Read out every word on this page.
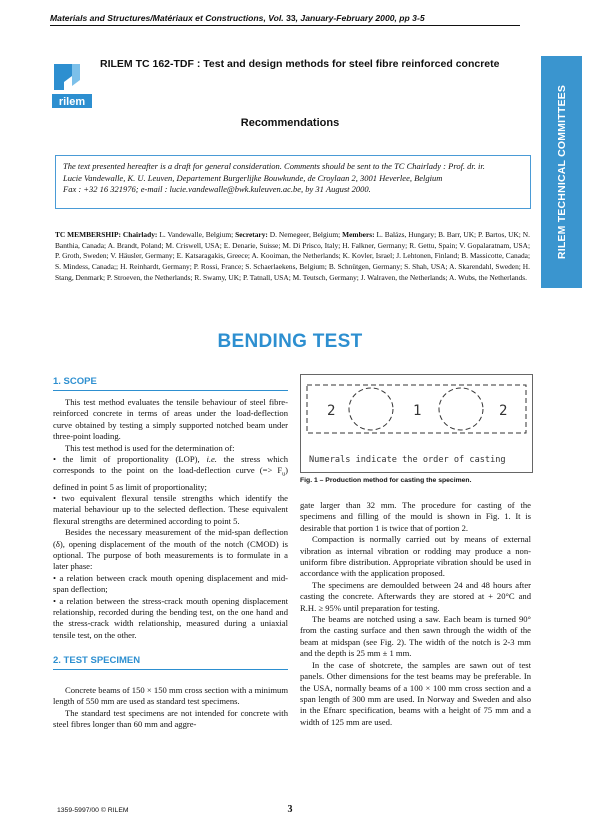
Materials and Structures/Matériaux et Constructions, Vol. 33, January-February 2000, pp 3-5
rilem
RILEM TC 162-TDF : Test and design methods for steel fibre reinforced concrete
RILEM TECHNICAL COMMITTEES
Recommendations
The text presented hereafter is a draft for general consideration. Comments should be sent to the TC Chairlady : Prof. dr. ir.
Lucie Vandewalle, K. U. Leuven, Departement Burgerlijke Bouwkunde, de Croylaan 2, 3001 Heverlee, Belgium
Fax : +32 16 321976; e-mail : lucie.vandewalle@bwk.kuleuven.ac.be, by 31 August 2000.
TC MEMBERSHIP: Chairlady: L. Vandewalle, Belgium; Secretary: D. Nemegeer, Belgium; Members: L. Balázs, Hungary; B. Barr, UK; P. Bartos, UK; N. Banthia, Canada; A. Brandt, Poland; M. Criswell, USA; E. Denarie, Suisse; M. Di Prisco, Italy; H. Falkner, Germany; R. Gettu, Spain; V. Gopalaratnam, USA; P. Groth, Sweden; V. Häusler, Germany; E. Katsaragakis, Greece; A. Kooiman, the Netherlands; K. Kovler, Israel; J. Lehtonen, Finland; B. Massicotte, Canada; S. Mindess, Canada;; H. Reinhardt, Germany; P. Rossi, France; S. Schaerlaekens, Belgium; B. Schnütgen, Germany; S. Shah, USA; A. Skarendahl, Sweden; H. Stang, Denmark; P. Stroeven, the Netherlands; R. Swamy, UK; P. Tatnall, USA; M. Teutsch, Germany; J. Walraven, the Netherlands; A. Wubs, the Netherlands.
BENDING TEST
1. SCOPE

This test method evaluates the tensile behaviour of steel fibre-reinforced concrete in terms of areas under the load-deflection curve obtained by testing a simply supported notched beam under three-point loading.

This test method is used for the determination of:

• the limit of proportionality (LOP), i.e. the stress which corresponds to the point on the load-deflection curve (=> $F_u$) defined in point 5 as limit of proportionality;

• two equivalent flexural tensile strengths which identify the material behaviour up to the selected deflection. These equivalent flexural strengths are determined according to point 5.

Besides the necessary measurement of the mid-span deflection (δ), opening displacement of the mouth of the notch (CMOD) is optional. The purpose of both measurements is to formulate in a later phase:

• a relation between crack mouth opening displacement and mid-span deflection;

• a relation between the stress-crack mouth opening displacement relationship, recorded during the bending test, on the one hand and the stress-crack width relationship, measured during a uniaxial tensile test, on the other.

2. TEST SPECIMEN

Concrete beams of 150 × 150 mm cross section with a minimum length of 550 mm are used as standard test specimens.

The standard test specimens are not intended for concrete with steel fibres longer than 60 mm and aggre-

2	1	2
Numerals indicate the order of casting
Fig. 1 – Production method for casting the specimen.

gate larger than 32 mm. The procedure for casting of the specimens and filling of the mould is shown in Fig. 1. It is desirable that portion 1 is twice that of portion 2.

Compaction is normally carried out by means of external vibration as internal vibration or rodding may produce a non-uniform fibre distribution. Appropriate vibration should be used in accordance with the application proposed.

The specimens are demoulded between 24 and 48 hours after casting the concrete. Afterwards they are stored at + 20°C and R.H. ≥ 95% until preparation for testing.

The beams are notched using a saw. Each beam is turned 90° from the casting surface and then sawn through the width of the beam at midspan (see Fig. 2). The width of the notch is 2-3 mm and the depth is 25 mm ± 1 mm.

In the case of shotcrete, the samples are sawn out of test panels. Other dimensions for the test beams may be preferable. In the USA, normally beams of a 100 × 100 mm cross section and a span length of 300 mm are used. In Norway and Sweden and also in the Efnarc specification, beams with a height of 75 mm and a width of 125 mm are used.

1359-5997/00 © RILEM	3
